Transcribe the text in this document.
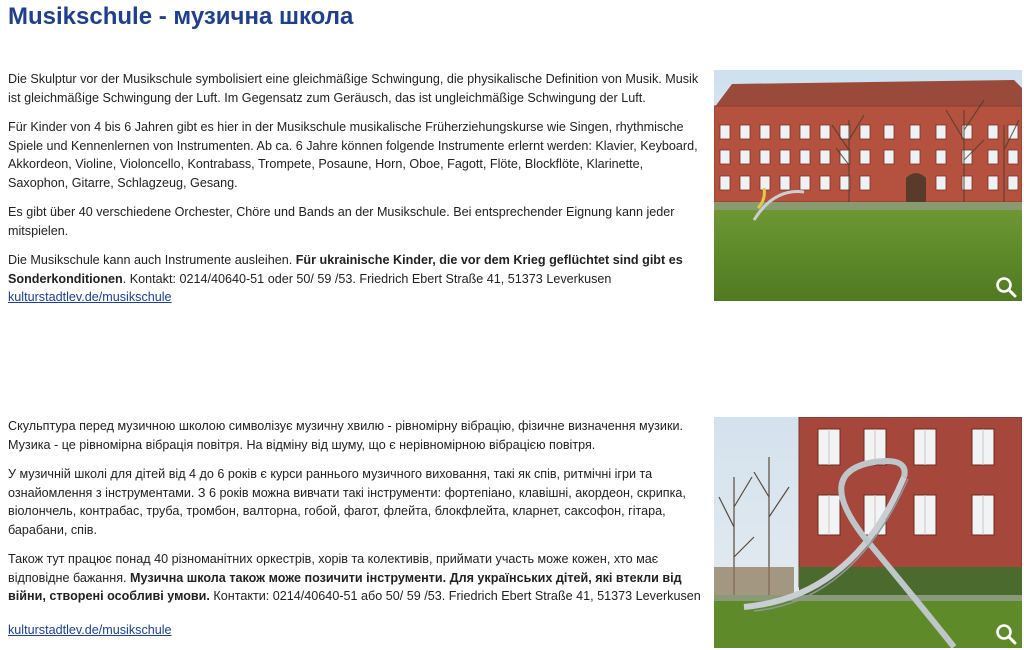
Musikschule - музична школа

Die Skulptur vor der Musikschule symbolisiert eine gleichmäßige Schwingung, die physikalische Definition von Musik. Musik ist gleichmäßige Schwingung der Luft. Im Gegensatz zum Geräusch, das ist ungleichmäßige Schwingung der Luft.

Für Kinder von 4 bis 6 Jahren gibt es hier in der Musikschule musikalische Früherziehungskurse wie Singen, rhythmische Spiele und Kennenlernen von Instrumenten. Ab ca. 6 Jahre können folgende Instrumente erlernt werden: Klavier, Keyboard, Akkordeon, Violine, Violoncello, Kontrabass, Trompete, Posaune, Horn, Oboe, Fagott, Flöte, Blockflöte, Klarinette, Saxophon, Gitarre, Schlagzeug, Gesang.

Es gibt über 40 verschiedene Orchester, Chöre und Bands an der Musikschule. Bei entsprechender Eignung kann jeder mitspielen.

Die Musikschule kann auch Instrumente ausleihen. Für ukrainische Kinder, die vor dem Krieg geflüchtet sind gibt es Sonderkonditionen. Kontakt: 0214/40640-51 oder 50/ 59 /53. Friedrich Ebert Straße 41, 51373 Leverkusen

kulturstadtlev.de/musikschule

Скульптура перед музичною школою символізує музичну хвилю - рівномірну вібрацію, фізичне визначення музики. Музика - це рівномірна вібрація повітря. На відміну від шуму, що є нерівномірною вібрацією повітря.

У музичній школі для дітей від 4 до 6 років є курси раннього музичного виховання, такі як спів, ритмічні ігри та ознайомлення з інструментами. З 6 років можна вивчати такі інструменти: фортепіано, клавішні, акордеон, скрипка, віолончель, контрабас, труба, тромбон, валторна, гобой, фагот, флейта, блокфлейта, кларнет, саксофон, гітара, барабани, спів.

Також тут працює понад 40 різноманітних оркестрів, хорів та колективів, приймати участь може кожен, хто має відповідне бажання. Музична школа також може позичити інструменти. Для українських дітей, які втекли від війни, створені особливі умови. Контакти: 0214/40640-51 або 50/ 59 /53. Friedrich Ebert Straße 41, 51373 Leverkusen

kulturstadtlev.de/musikschule
